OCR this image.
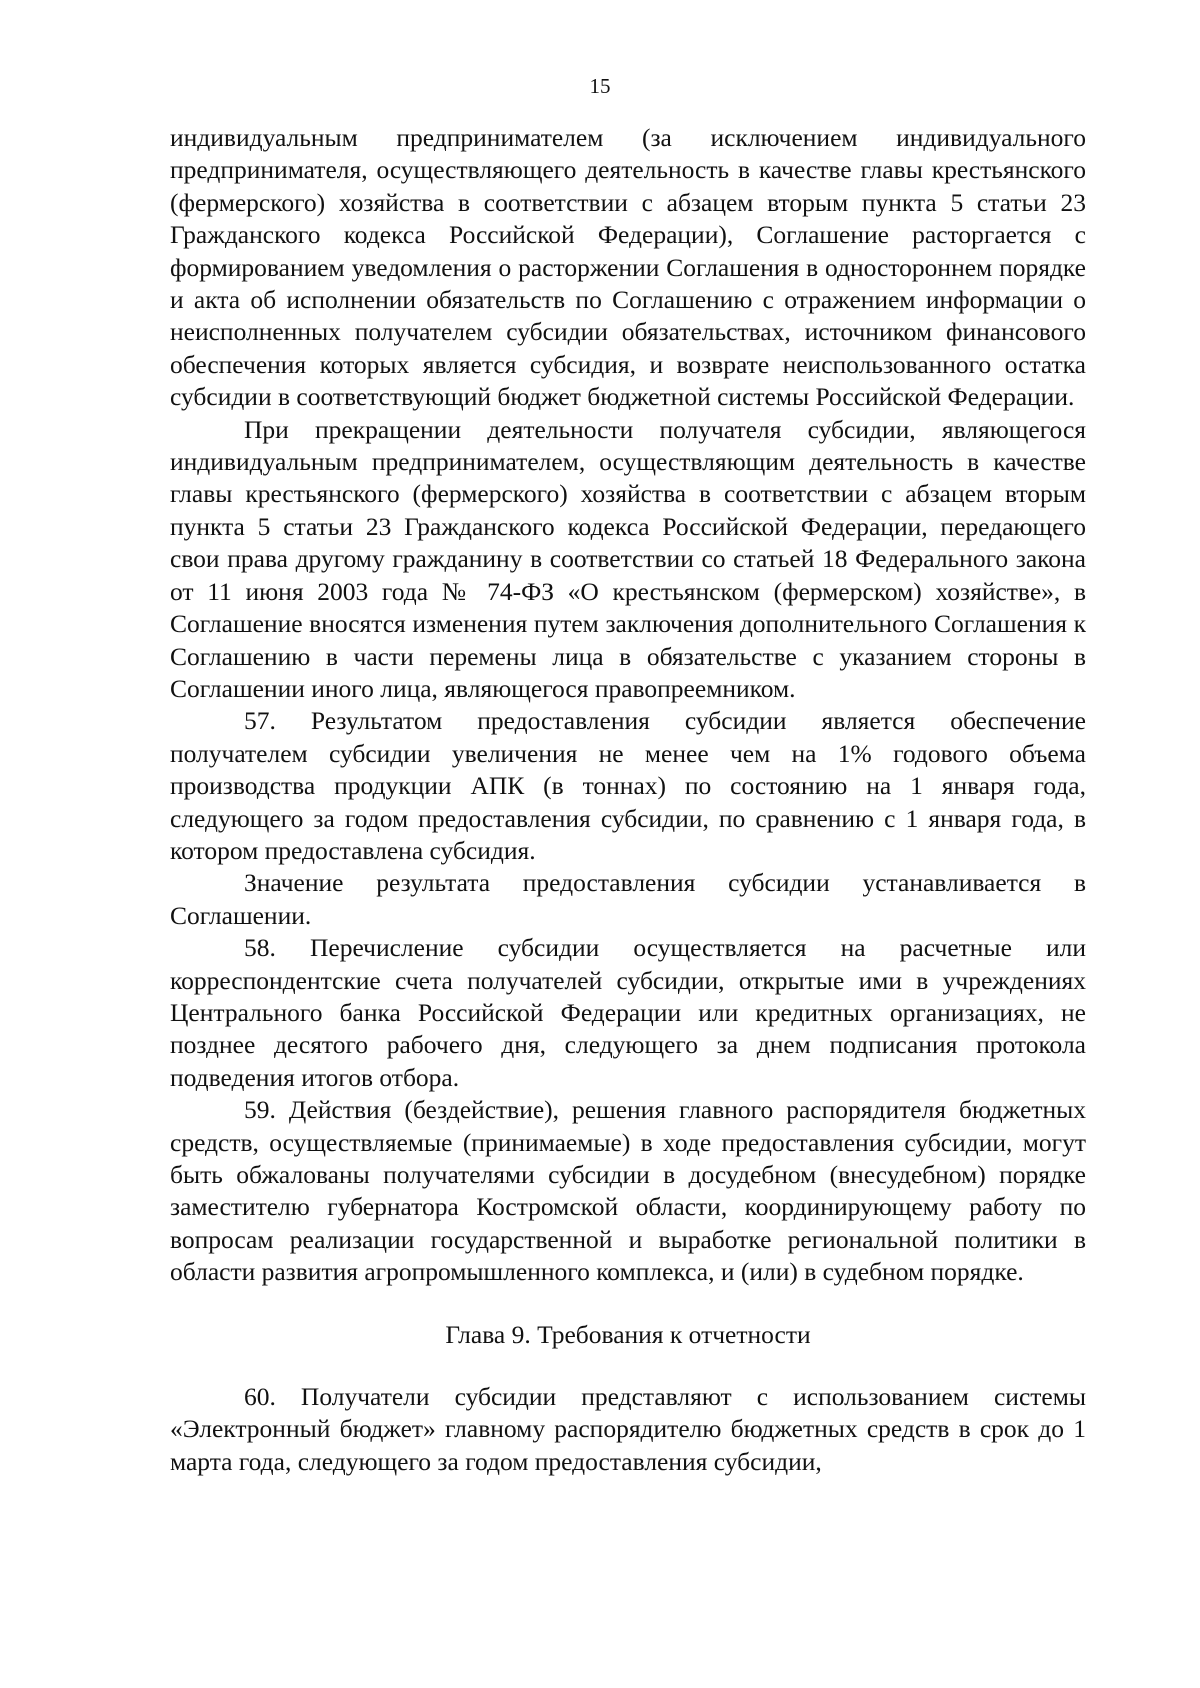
15

индивидуальным предпринимателем (за исключением индивидуального предпринимателя, осуществляющего деятельность в качестве главы крестьянского (фермерского) хозяйства в соответствии с абзацем вторым пункта 5 статьи 23 Гражданского кодекса Российской Федерации), Соглашение расторгается с формированием уведомления о расторжении Соглашения в одностороннем порядке и акта об исполнении обязательств по Соглашению с отражением информации о неисполненных получателем субсидии обязательствах, источником финансового обеспечения которых является субсидия, и возврате неиспользованного остатка субсидии в соответствующий бюджет бюджетной системы Российской Федерации.

При прекращении деятельности получателя субсидии, являющегося индивидуальным предпринимателем, осуществляющим деятельность в качестве главы крестьянского (фермерского) хозяйства в соответствии с абзацем вторым пункта 5 статьи 23 Гражданского кодекса Российской Федерации, передающего свои права другому гражданину в соответствии со статьей 18 Федерального закона от 11 июня 2003 года № 74-ФЗ «О крестьянском (фермерском) хозяйстве», в Соглашение вносятся изменения путем заключения дополнительного Соглашения к Соглашению в части перемены лица в обязательстве с указанием стороны в Соглашении иного лица, являющегося правопреемником.

57. Результатом предоставления субсидии является обеспечение получателем субсидии увеличения не менее чем на 1% годового объема производства продукции АПК (в тоннах) по состоянию на 1 января года, следующего за годом предоставления субсидии, по сравнению с 1 января года, в котором предоставлена субсидия.

Значение результата предоставления субсидии устанавливается в Соглашении.

58. Перечисление субсидии осуществляется на расчетные или корреспондентские счета получателей субсидии, открытые ими в учреждениях Центрального банка Российской Федерации или кредитных организациях, не позднее десятого рабочего дня, следующего за днем подписания протокола подведения итогов отбора.

59. Действия (бездействие), решения главного распорядителя бюджетных средств, осуществляемые (принимаемые) в ходе предоставления субсидии, могут быть обжалованы получателями субсидии в досудебном (внесудебном) порядке заместителю губернатора Костромской области, координирующему работу по вопросам реализации государственной и выработке региональной политики в области развития агропромышленного комплекса, и (или) в судебном порядке.

Глава 9. Требования к отчетности

60. Получатели субсидии представляют с использованием системы «Электронный бюджет» главному распорядителю бюджетных средств в срок до 1 марта года, следующего за годом предоставления субсидии,
